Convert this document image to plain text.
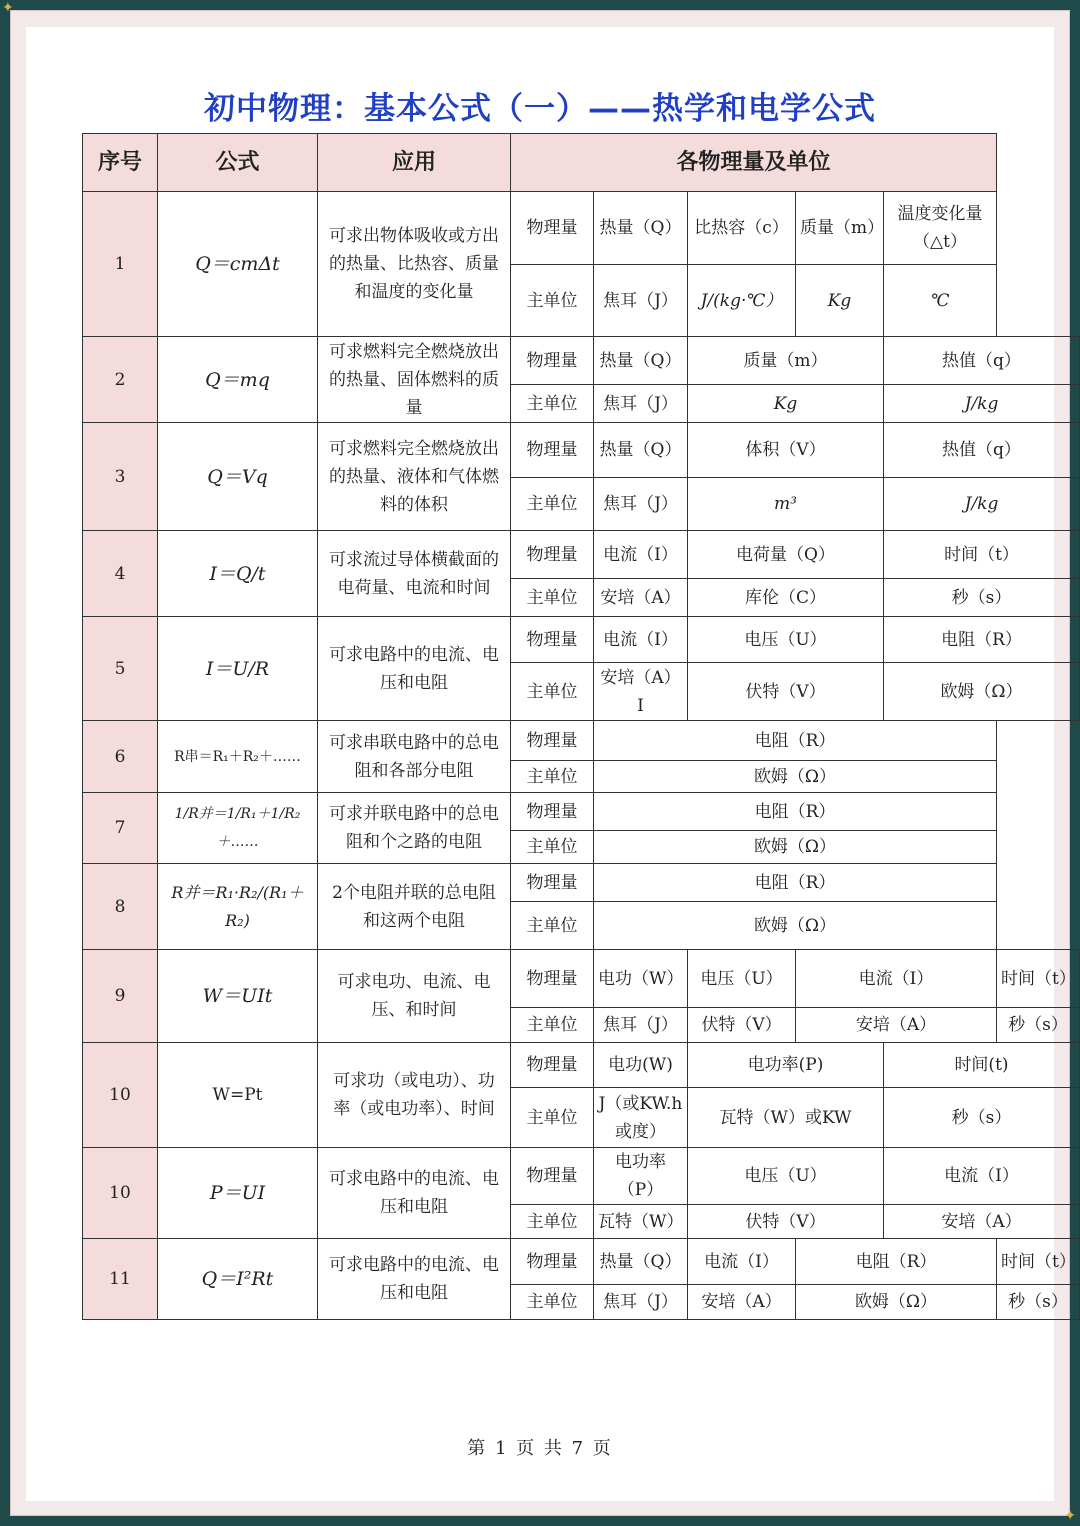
✦
✦
初中物理：基本公式（一）——热学和电学公式
序号	公式	应用	各物理量及单位					
1	Q＝cmΔt	可求出物体吸收或方出的热量、比热容、质量和温度的变化量	物理量	热量（Q）	比热容（c）	质量（m）	温度变化量（△t）	
			主单位	焦耳（J）	J/(kg·℃）	Kg	℃	
2	Q＝mq	可求燃料完全燃烧放出的热量、固体燃料的质量	物理量	热量（Q）	质量（m）		热值（q）	
			主单位	焦耳（J）	Kg		J/kg	
3	Q＝Vq	可求燃料完全燃烧放出的热量、液体和气体燃料的体积	物理量	热量（Q）	体积（V）		热值（q）	
			主单位	焦耳（J）	m³		J/kg	
4	I＝Q/t	可求流过导体横截面的电荷量、电流和时间	物理量	电流（I）	电荷量（Q）		时间（t）	
			主单位	安培（A）	库伦（C）		秒（s）	
5	I＝U/R	可求电路中的电流、电压和电阻	物理量	电流（I）	电压（U）		电阻（R）	
			主单位	安培（A）I	伏特（V）		欧姆（Ω）	
6	R串＝R₁＋R₂＋……	可求串联电路中的总电阻和各部分电阻	物理量	电阻（R）				
			主单位	欧姆（Ω）				
7	1/R并＝1/R₁＋1/R₂＋……	可求并联电路中的总电阻和个之路的电阻	物理量	电阻（R）				
			主单位	欧姆（Ω）				
8	R并＝R₁·R₂/(R₁＋R₂)	2个电阻并联的总电阻和这两个电阻	物理量	电阻（R）				
			主单位	欧姆（Ω）				
9	W＝UIt	可求电功、电流、电压、和时间	物理量	电功（W）	电压（U）	电流（I）		时间（t）
			主单位	焦耳（J）	伏特（V）	安培（A）		秒（s）
10	W=Pt	可求功（或电功）、功率（或电功率）、时间	物理量	电功(W)	电功率(P)		时间(t)	
			主单位	J（或KW.h或度）	瓦特（W）或KW		秒（s）	
10	P＝UI	可求电路中的电流、电压和电阻	物理量	电功率（P）	电压（U）		电流（I）	
			主单位	瓦特（W）	伏特（V）		安培（A）	
11	Q＝I²Rt	可求电路中的电流、电压和电阻	物理量	热量（Q）	电流（I）	电阻（R）		时间（t）
			主单位	焦耳（J）	安培（A）	欧姆（Ω）		秒（s）
第 1 页 共 7 页
